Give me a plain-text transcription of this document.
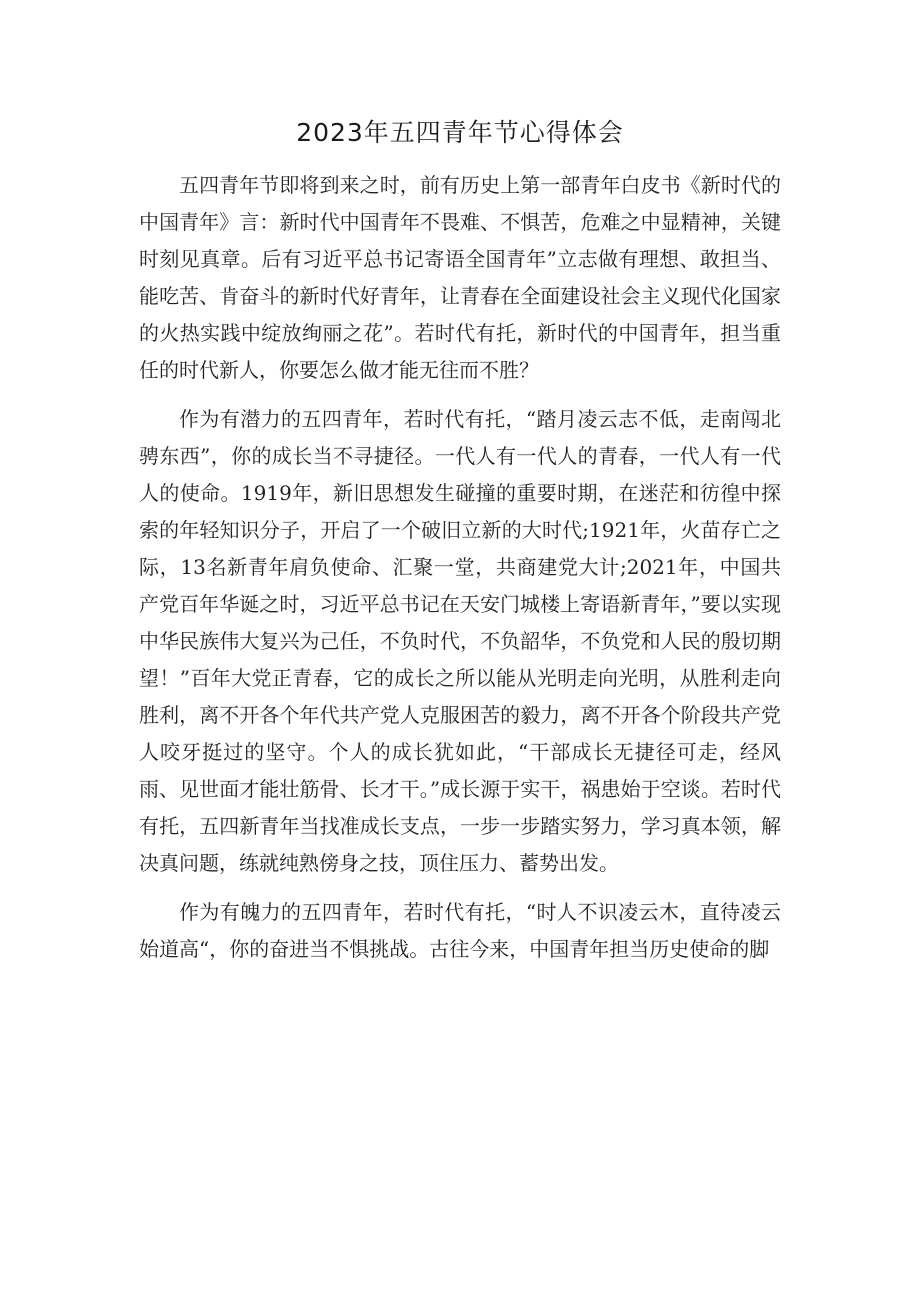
2023年五四青年节心得体会

五四青年节即将到来之时，前有历史上第一部青年白皮书《新时代的中国青年》言：新时代中国青年不畏难、不惧苦，危难之中显精神，关键时刻见真章。后有习近平总书记寄语全国青年”立志做有理想、敢担当、能吃苦、肯奋斗的新时代好青年，让青春在全面建设社会主义现代化国家的火热实践中绽放绚丽之花”。若时代有托，新时代的中国青年，担当重任的时代新人，你要怎么做才能无往而不胜？

作为有潜力的五四青年，若时代有托，“踏月凌云志不低，走南闯北骋东西”，你的成长当不寻捷径。一代人有一代人的青春，一代人有一代人的使命。1919年，新旧思想发生碰撞的重要时期，在迷茫和彷徨中探索的年轻知识分子，开启了一个破旧立新的大时代;1921年，火苗存亡之际，13名新青年肩负使命、汇聚一堂，共商建党大计;2021年，中国共产党百年华诞之时，习近平总书记在天安门城楼上寄语新青年，”要以实现中华民族伟大复兴为己任，不负时代，不负韶华，不负党和人民的殷切期望！”百年大党正青春，它的成长之所以能从光明走向光明，从胜利走向胜利，离不开各个年代共产党人克服困苦的毅力，离不开各个阶段共产党人咬牙挺过的坚守。个人的成长犹如此，“干部成长无捷径可走，经风雨、见世面才能壮筋骨、长才干。”成长源于实干，祸患始于空谈。若时代有托，五四新青年当找准成长支点，一步一步踏实努力，学习真本领，解决真问题，练就纯熟傍身之技，顶住压力、蓄势出发。

作为有魄力的五四青年，若时代有托，“时人不识凌云木，直待凌云始道高“，你的奋进当不惧挑战。古往今来，中国青年担当历史使命的脚
